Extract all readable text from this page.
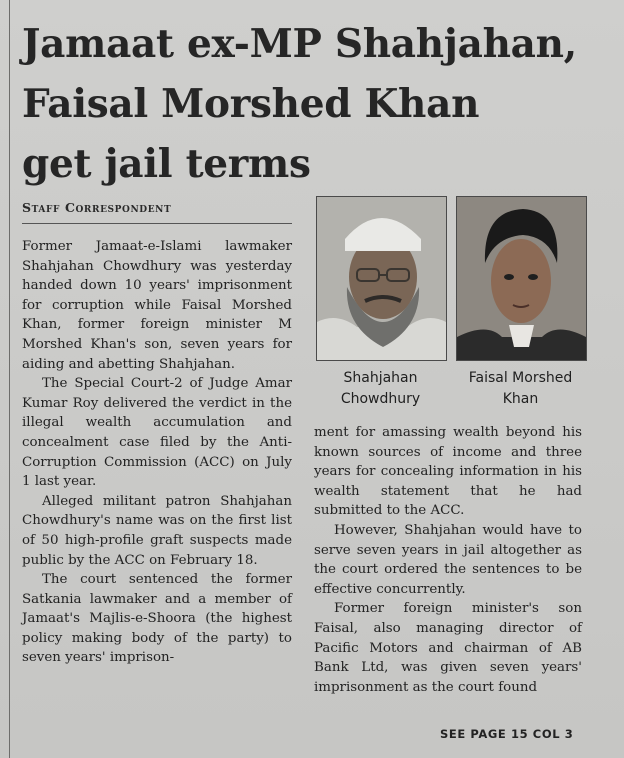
Jamaat ex-MP Shahjahan,
Faisal Morshed Khan
get jail terms
Staff Correspondent

Former Jamaat-e-Islami lawmaker Shahjahan Chowdhury was yesterday handed down 10 years' imprisonment for corruption while Faisal Morshed Khan, former foreign minister M Morshed Khan's son, seven years for aiding and abetting Shahjahan.

The Special Court-2 of Judge Amar Kumar Roy delivered the verdict in the illegal wealth accumulation and concealment case filed by the Anti-Corruption Commission (ACC) on July 1 last year.

Alleged militant patron Shahjahan Chowdhury's name was on the first list of 50 high-profile graft suspects made public by the ACC on February 18.

The court sentenced the former Satkania lawmaker and a member of Jamaat's Majlis-e-Shoora (the highest policy making body of the party) to seven years' imprison-

Shahjahan Chowdhury
Faisal Morshed Khan

ment for amassing wealth beyond his known sources of income and three years for concealing information in his wealth statement that he had submitted to the ACC.

However, Shahjahan would have to serve seven years in jail altogether as the court ordered the sentences to be effective concurrently.

Former foreign minister's son Faisal, also managing director of Pacific Motors and chairman of AB Bank Ltd, was given seven years' imprisonment as the court found

SEE PAGE 15 COL 3
